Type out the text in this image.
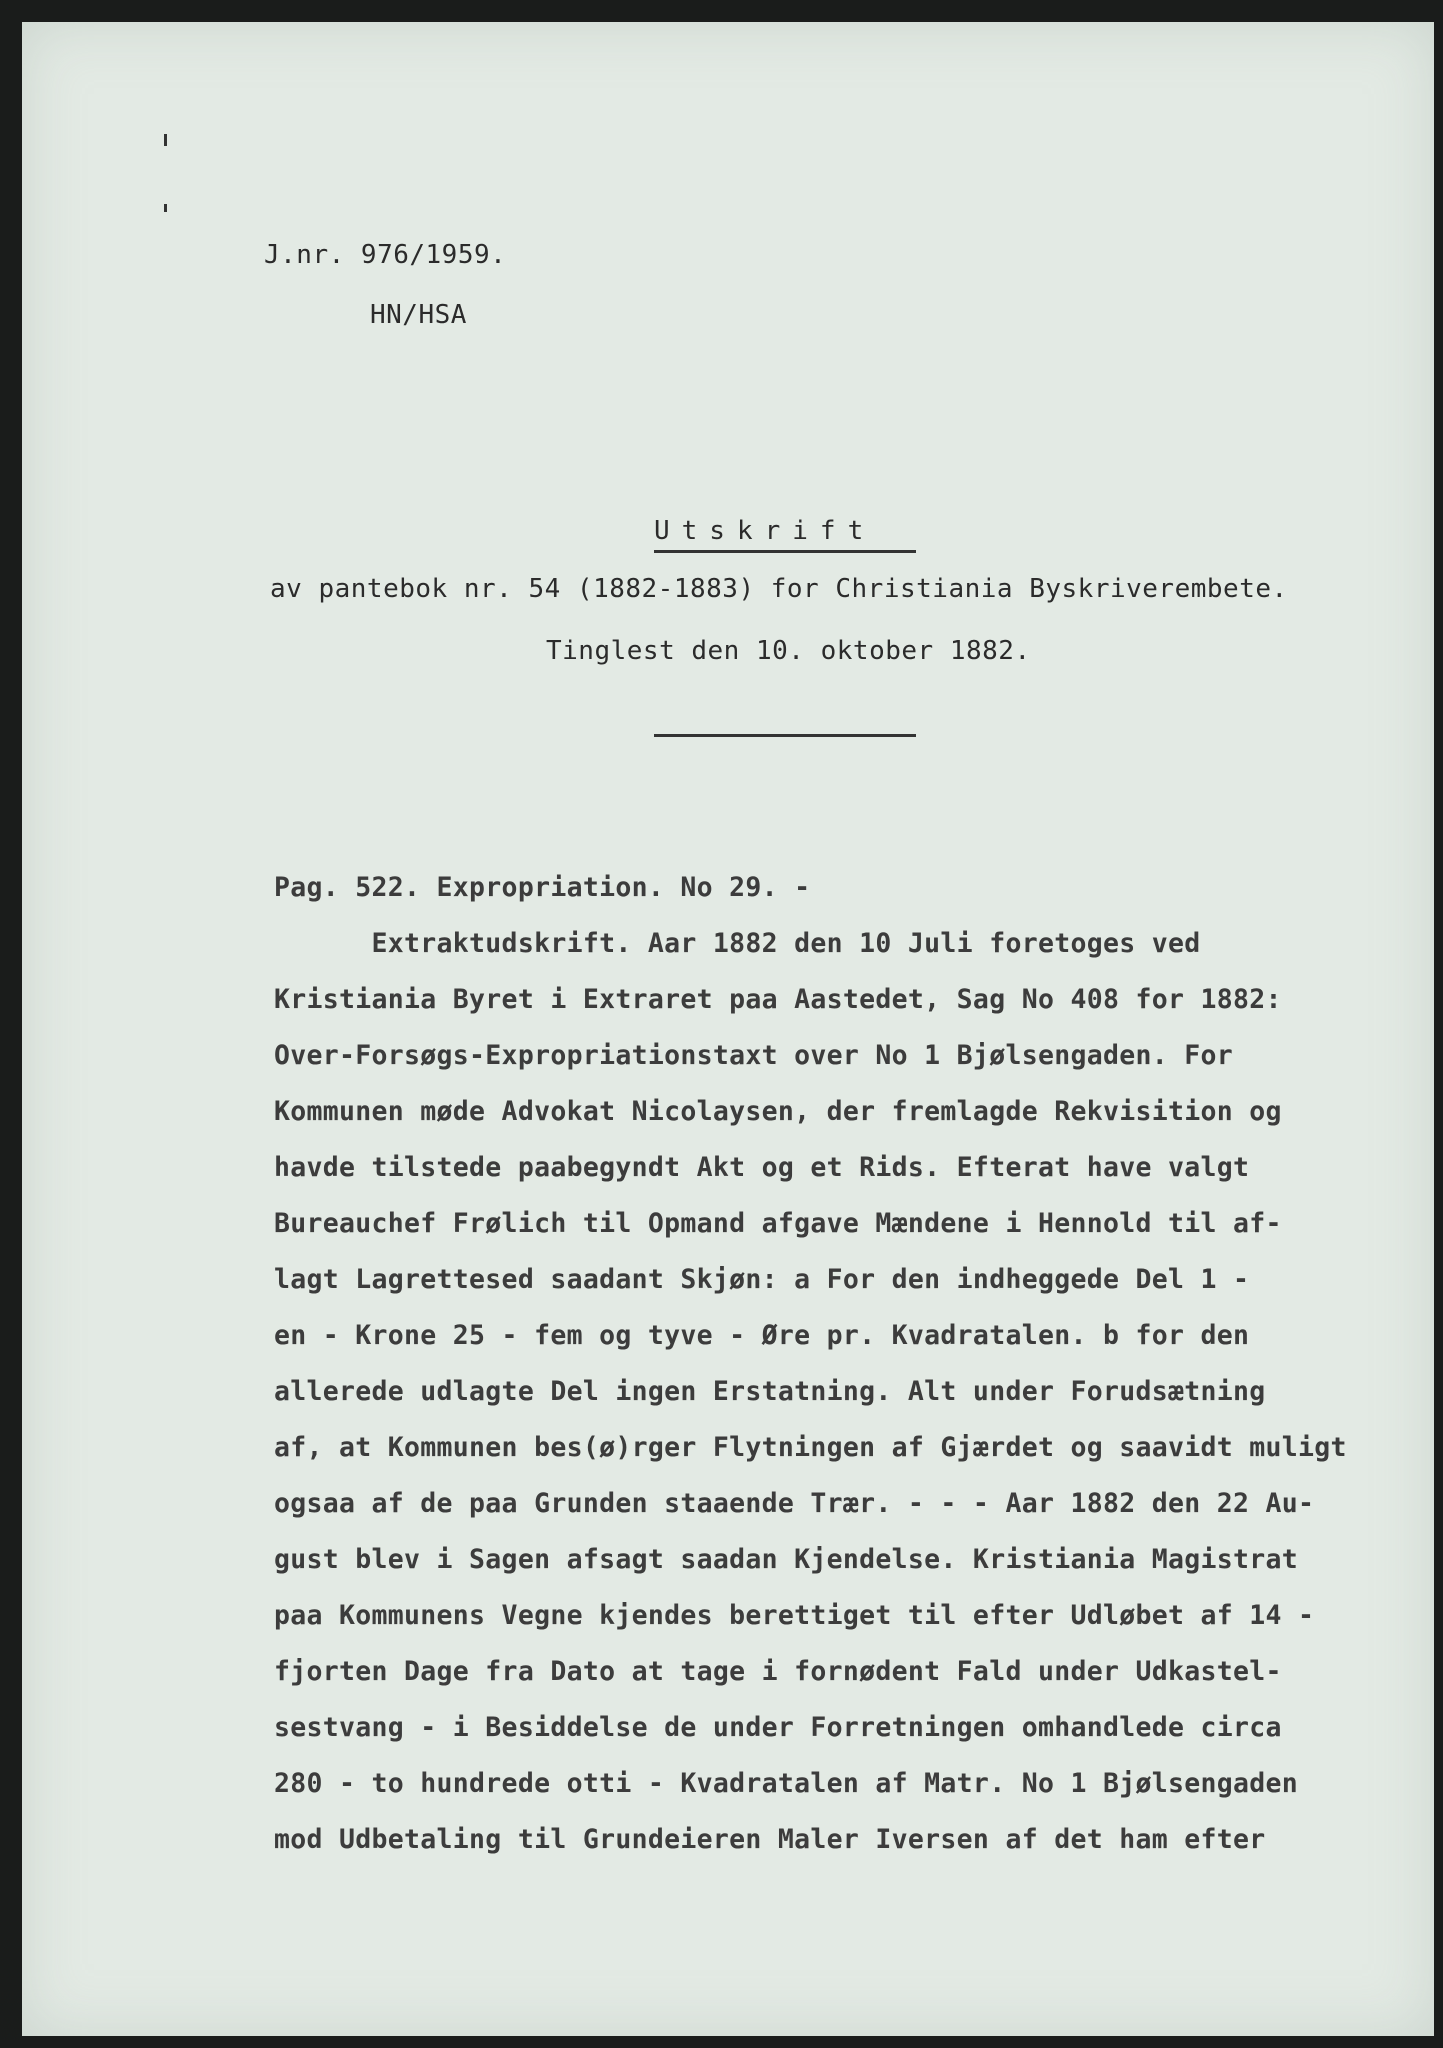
J.nr. 976/1959.
HN/HSA
Utskrift
av pantebok nr. 54 (1882-1883) for Christiania Byskriverembete.
Tinglest den 10. oktober 1882.
Pag. 522. Expropriation. No 29. -
Extraktudskrift. Aar 1882 den 10 Juli foretoges ved
Kristiania Byret i Extraret paa Aastedet, Sag No 408 for 1882:
Over-Forsøgs-Expropriationstaxt over No 1 Bjølsengaden. For
Kommunen møde Advokat Nicolaysen, der fremlagde Rekvisition og
havde tilstede paabegyndt Akt og et Rids. Efterat have valgt
Bureauchef Frølich til Opmand afgave Mændene i Hennold til af-
lagt Lagrettesed saadant Skjøn: a For den indheggede Del 1 -
en - Krone 25 - fem og tyve - Øre pr. Kvadratalen. b for den
allerede udlagte Del ingen Erstatning. Alt under Forudsætning
af, at Kommunen bes(ø)rger Flytningen af Gjærdet og saavidt muligt
ogsaa af de paa Grunden staaende Trær. - - - Aar 1882 den 22 Au-
gust blev i Sagen afsagt saadan Kjendelse. Kristiania Magistrat
paa Kommunens Vegne kjendes berettiget til efter Udløbet af 14 -
fjorten Dage fra Dato at tage i fornødent Fald under Udkastel-
sestvang - i Besiddelse de under Forretningen omhandlede circa
280 - to hundrede otti - Kvadratalen af Matr. No 1 Bjølsengaden
mod Udbetaling til Grundeieren Maler Iversen af det ham efter
